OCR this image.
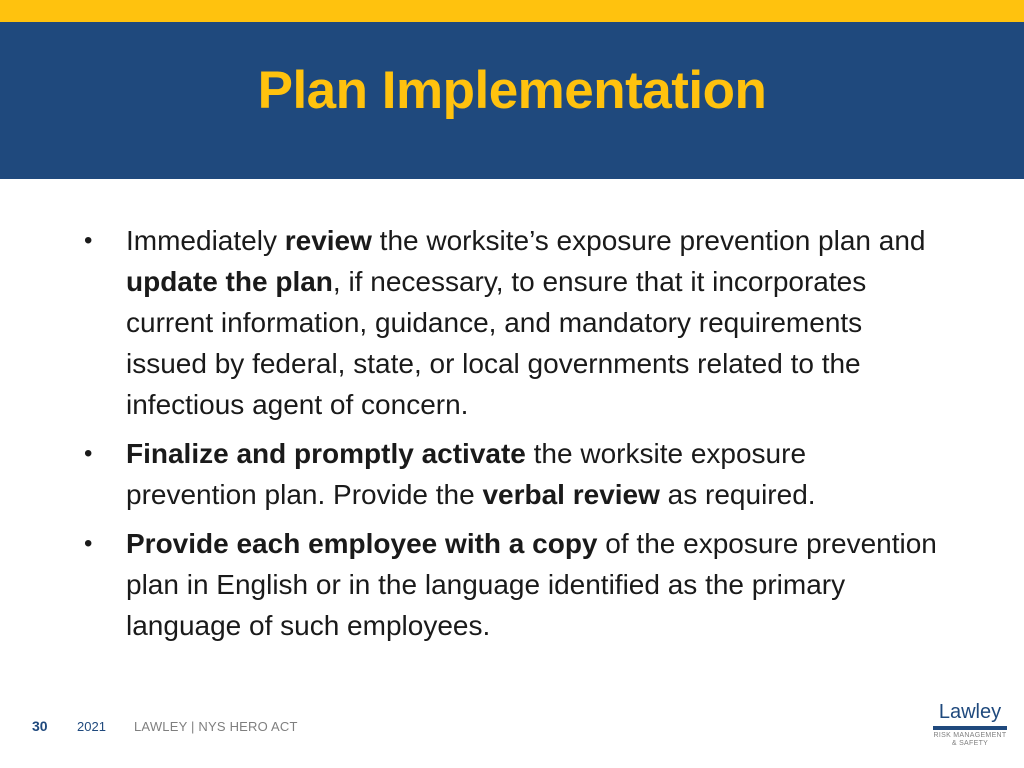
Plan Implementation
•	Immediately review the worksite’s exposure prevention plan and update the plan, if necessary, to ensure that it incorporates current information, guidance, and mandatory requirements issued by federal, state, or local governments related to the infectious agent of concern.
•	Finalize and promptly activate the worksite exposure prevention plan. Provide the verbal review as required.
•	Provide each employee with a copy of the exposure prevention plan in English or in the language identified as the primary language of such employees.
30 2021 LAWLEY | NYS HERO ACT
Lawley
RISK MANAGEMENT
& SAFETY
